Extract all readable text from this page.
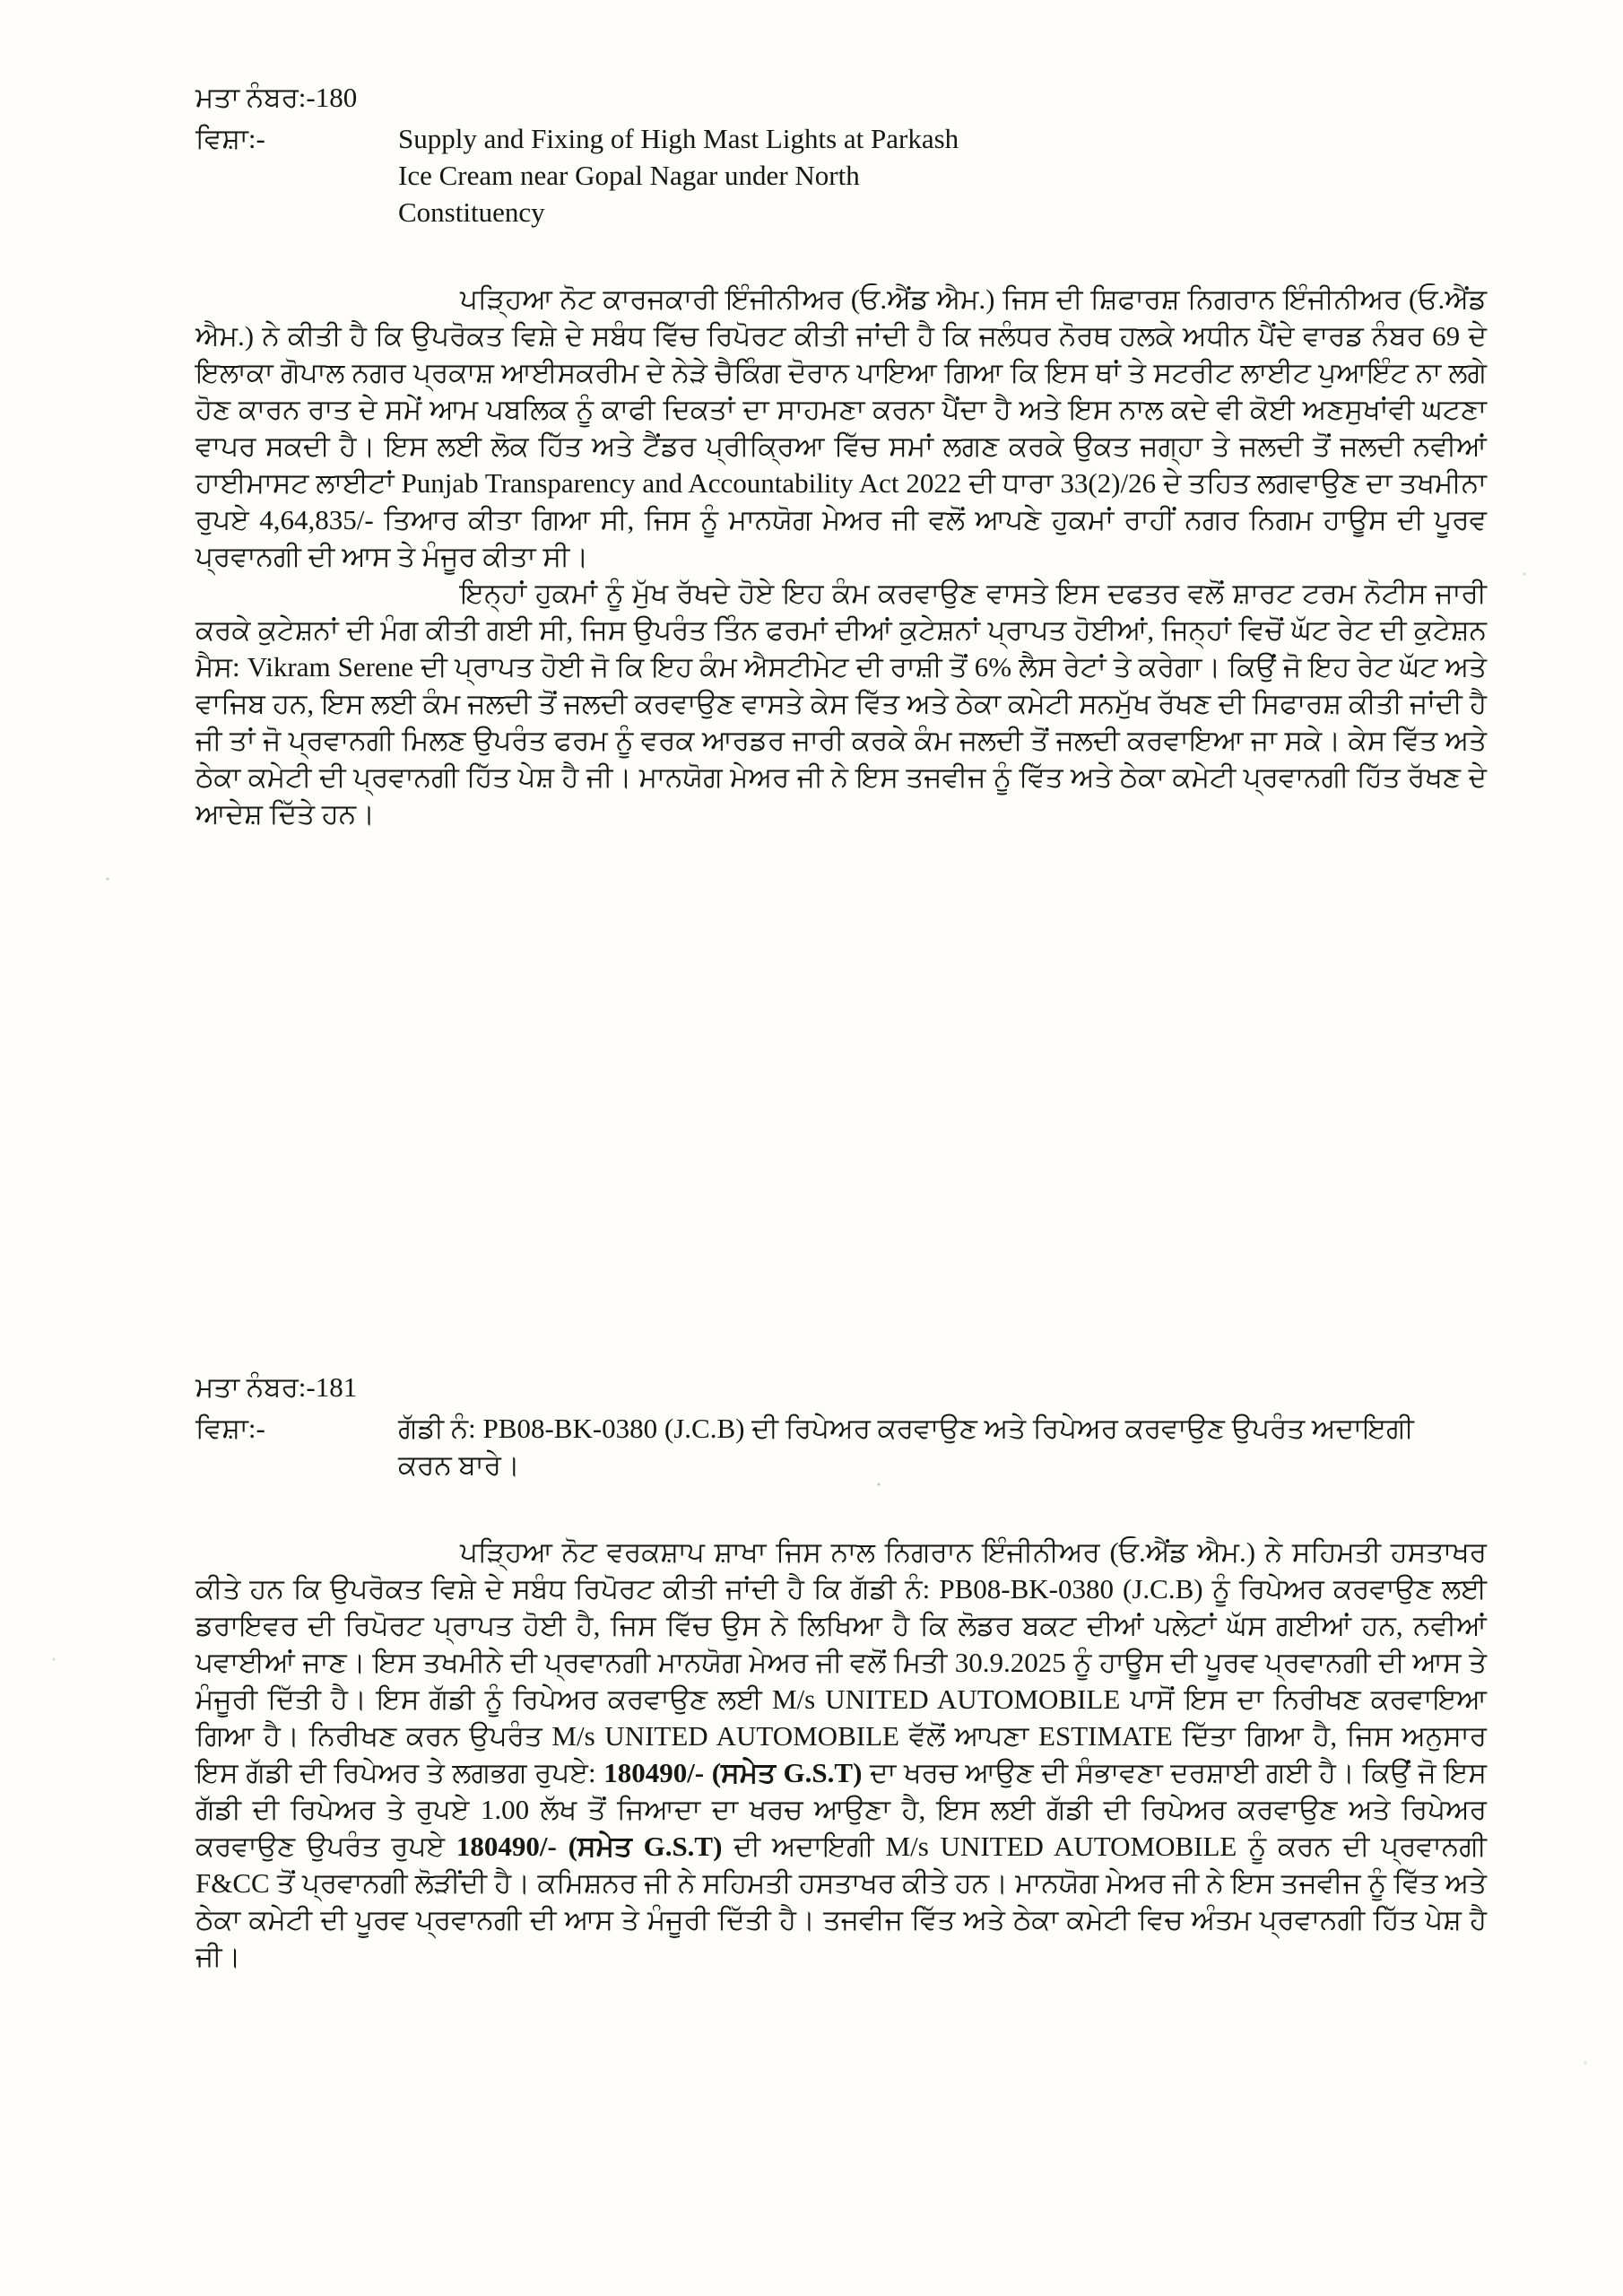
ਮਤਾ ਨੰਬਰ:-180
ਵਿਸ਼ਾ:-	Supply and Fixing of High Mast Lights at Parkash Ice Cream near Gopal Nagar under North Constituency

ਪੜ੍ਹਿਆ ਨੋਟ ਕਾਰਜਕਾਰੀ ਇੰਜੀਨੀਅਰ (ਓ.ਐਂਡ ਐਮ.) ਜਿਸ ਦੀ ਸ਼ਿਫਾਰਸ਼ ਨਿਗਰਾਨ ਇੰਜੀਨੀਅਰ (ਓ.ਐਂਡ ਐਮ.) ਨੇ ਕੀਤੀ ਹੈ ਕਿ ਉਪਰੋਕਤ ਵਿਸ਼ੇ ਦੇ ਸਬੰਧ ਵਿੱਚ ਰਿਪੋਰਟ ਕੀਤੀ ਜਾਂਦੀ ਹੈ ਕਿ ਜਲੰਧਰ ਨੋਰਥ ਹਲਕੇ ਅਧੀਨ ਪੈਂਦੇ ਵਾਰਡ ਨੰਬਰ 69 ਦੇ ਇਲਾਕਾ ਗੋਪਾਲ ਨਗਰ ਪ੍ਰਕਾਸ਼ ਆਈਸਕਰੀਮ ਦੇ ਨੇੜੇ ਚੈਕਿੰਗ ਦੋਰਾਨ ਪਾਇਆ ਗਿਆ ਕਿ ਇਸ ਥਾਂ ਤੇ ਸਟਰੀਟ ਲਾਈਟ ਪੁਆਇੰਟ ਨਾ ਲਗੇ ਹੋਣ ਕਾਰਨ ਰਾਤ ਦੇ ਸਮੇਂ ਆਮ ਪਬਲਿਕ ਨੂੰ ਕਾਫੀ ਦਿਕਤਾਂ ਦਾ ਸਾਹਮਣਾ ਕਰਨਾ ਪੈਂਦਾ ਹੈ ਅਤੇ ਇਸ ਨਾਲ ਕਦੇ ਵੀ ਕੋਈ ਅਣਸੁਖਾਂਵੀ ਘਟਣਾ ਵਾਪਰ ਸਕਦੀ ਹੈ। ਇਸ ਲਈ ਲੋਕ ਹਿੱਤ ਅਤੇ ਟੈਂਡਰ ਪ੍ਰੀਕ੍ਰਿਆ ਵਿੱਚ ਸਮਾਂ ਲਗਣ ਕਰਕੇ ਉਕਤ ਜਗ੍ਹਾ ਤੇ ਜਲਦੀ ਤੋਂ ਜਲਦੀ ਨਵੀਆਂ ਹਾਈਮਾਸਟ ਲਾਈਟਾਂ Punjab Transparency and Accountability Act 2022 ਦੀ ਧਾਰਾ 33(2)/26 ਦੇ ਤਹਿਤ ਲਗਵਾਉਣ ਦਾ ਤਖਮੀਨਾ ਰੁਪਏ 4,64,835/- ਤਿਆਰ ਕੀਤਾ ਗਿਆ ਸੀ, ਜਿਸ ਨੂੰ ਮਾਨਯੋਗ ਮੇਅਰ ਜੀ ਵਲੋਂ ਆਪਣੇ ਹੁਕਮਾਂ ਰਾਹੀਂ ਨਗਰ ਨਿਗਮ ਹਾਊਸ ਦੀ ਪੂਰਵ ਪ੍ਰਵਾਨਗੀ ਦੀ ਆਸ ਤੇ ਮੰਜੂਰ ਕੀਤਾ ਸੀ।

ਇਨ੍ਹਾਂ ਹੁਕਮਾਂ ਨੂੰ ਮੁੱਖ ਰੱਖਦੇ ਹੋਏ ਇਹ ਕੰਮ ਕਰਵਾਉਣ ਵਾਸਤੇ ਇਸ ਦਫਤਰ ਵਲੋਂ ਸ਼ਾਰਟ ਟਰਮ ਨੋਟੀਸ ਜਾਰੀ ਕਰਕੇ ਕੁਟੇਸ਼ਨਾਂ ਦੀ ਮੰਗ ਕੀਤੀ ਗਈ ਸੀ, ਜਿਸ ਉਪਰੰਤ ਤਿੰਨ ਫਰਮਾਂ ਦੀਆਂ ਕੁਟੇਸ਼ਨਾਂ ਪ੍ਰਾਪਤ ਹੋਈਆਂ, ਜਿਨ੍ਹਾਂ ਵਿਚੋਂ ਘੱਟ ਰੇਟ ਦੀ ਕੁਟੇਸ਼ਨ ਮੈਸ: Vikram Serene ਦੀ ਪ੍ਰਾਪਤ ਹੋਈ ਜੋ ਕਿ ਇਹ ਕੰਮ ਐਸਟੀਮੇਟ ਦੀ ਰਾਸ਼ੀ ਤੋਂ 6% ਲੈਸ ਰੇਟਾਂ ਤੇ ਕਰੇਗਾ। ਕਿਉਂ ਜੋ ਇਹ ਰੇਟ ਘੱਟ ਅਤੇ ਵਾਜਿਬ ਹਨ, ਇਸ ਲਈ ਕੰਮ ਜਲਦੀ ਤੋਂ ਜਲਦੀ ਕਰਵਾਉਣ ਵਾਸਤੇ ਕੇਸ ਵਿੱਤ ਅਤੇ ਠੇਕਾ ਕਮੇਟੀ ਸਨਮੁੱਖ ਰੱਖਣ ਦੀ ਸਿਫਾਰਸ਼ ਕੀਤੀ ਜਾਂਦੀ ਹੈ ਜੀ ਤਾਂ ਜੋ ਪ੍ਰਵਾਨਗੀ ਮਿਲਣ ਉਪਰੰਤ ਫਰਮ ਨੂੰ ਵਰਕ ਆਰਡਰ ਜਾਰੀ ਕਰਕੇ ਕੰਮ ਜਲਦੀ ਤੋਂ ਜਲਦੀ ਕਰਵਾਇਆ ਜਾ ਸਕੇ। ਕੇਸ ਵਿੱਤ ਅਤੇ ਠੇਕਾ ਕਮੇਟੀ ਦੀ ਪ੍ਰਵਾਨਗੀ ਹਿੱਤ ਪੇਸ਼ ਹੈ ਜੀ। ਮਾਨਯੋਗ ਮੇਅਰ ਜੀ ਨੇ ਇਸ ਤਜਵੀਜ ਨੂੰ ਵਿੱਤ ਅਤੇ ਠੇਕਾ ਕਮੇਟੀ ਪ੍ਰਵਾਨਗੀ ਹਿੱਤ ਰੱਖਣ ਦੇ ਆਦੇਸ਼ ਦਿੱਤੇ ਹਨ।

ਮਤਾ ਨੰਬਰ:-181
ਵਿਸ਼ਾ:-	ਗੱਡੀ ਨੰ: PB08-BK-0380 (J.C.B) ਦੀ ਰਿਪੇਅਰ ਕਰਵਾਉਣ ਅਤੇ ਰਿਪੇਅਰ ਕਰਵਾਉਣ ਉਪਰੰਤ ਅਦਾਇਗੀ ਕਰਨ ਬਾਰੇ।

ਪੜ੍ਹਿਆ ਨੋਟ ਵਰਕਸ਼ਾਪ ਸ਼ਾਖਾ ਜਿਸ ਨਾਲ ਨਿਗਰਾਨ ਇੰਜੀਨੀਅਰ (ਓ.ਐਂਡ ਐਮ.) ਨੇ ਸਹਿਮਤੀ ਹਸਤਾਖਰ ਕੀਤੇ ਹਨ ਕਿ ਉਪਰੋਕਤ ਵਿਸ਼ੇ ਦੇ ਸਬੰਧ ਰਿਪੋਰਟ ਕੀਤੀ ਜਾਂਦੀ ਹੈ ਕਿ ਗੱਡੀ ਨੰ: PB08-BK-0380 (J.C.B) ਨੂੰ ਰਿਪੇਅਰ ਕਰਵਾਉਣ ਲਈ ਡਰਾਇਵਰ ਦੀ ਰਿਪੋਰਟ ਪ੍ਰਾਪਤ ਹੋਈ ਹੈ, ਜਿਸ ਵਿੱਚ ਉਸ ਨੇ ਲਿਖਿਆ ਹੈ ਕਿ ਲੋਡਰ ਬਕਟ ਦੀਆਂ ਪਲੇਟਾਂ ਘੱਸ ਗਈਆਂ ਹਨ, ਨਵੀਆਂ ਪਵਾਈਆਂ ਜਾਣ। ਇਸ ਤਖਮੀਨੇ ਦੀ ਪ੍ਰਵਾਨਗੀ ਮਾਨਯੋਗ ਮੇਅਰ ਜੀ ਵਲੋਂ ਮਿਤੀ 30.9.2025 ਨੂੰ ਹਾਊਸ ਦੀ ਪੂਰਵ ਪ੍ਰਵਾਨਗੀ ਦੀ ਆਸ ਤੇ ਮੰਜੂਰੀ ਦਿੱਤੀ ਹੈ। ਇਸ ਗੱਡੀ ਨੂੰ ਰਿਪੇਅਰ ਕਰਵਾਉਣ ਲਈ M/s UNITED AUTOMOBILE ਪਾਸੋਂ ਇਸ ਦਾ ਨਿਰੀਖਣ ਕਰਵਾਇਆ ਗਿਆ ਹੈ। ਨਿਰੀਖਣ ਕਰਨ ਉਪਰੰਤ M/s UNITED AUTOMOBILE ਵੱਲੋਂ ਆਪਣਾ ESTIMATE ਦਿੱਤਾ ਗਿਆ ਹੈ, ਜਿਸ ਅਨੁਸਾਰ ਇਸ ਗੱਡੀ ਦੀ ਰਿਪੇਅਰ ਤੇ ਲਗਭਗ ਰੁਪਏ: 180490/- (ਸਮੇਤ G.S.T) ਦਾ ਖਰਚ ਆਉਣ ਦੀ ਸੰਭਾਵਣਾ ਦਰਸ਼ਾਈ ਗਈ ਹੈ। ਕਿਉਂ ਜੋ ਇਸ ਗੱਡੀ ਦੀ ਰਿਪੇਅਰ ਤੇ ਰੁਪਏ 1.00 ਲੱਖ ਤੋਂ ਜਿਆਦਾ ਦਾ ਖਰਚ ਆਉਣਾ ਹੈ, ਇਸ ਲਈ ਗੱਡੀ ਦੀ ਰਿਪੇਅਰ ਕਰਵਾਉਣ ਅਤੇ ਰਿਪੇਅਰ ਕਰਵਾਉਣ ਉਪਰੰਤ ਰੁਪਏ 180490/- (ਸਮੇਤ G.S.T) ਦੀ ਅਦਾਇਗੀ M/s UNITED AUTOMOBILE ਨੂੰ ਕਰਨ ਦੀ ਪ੍ਰਵਾਨਗੀ F&CC ਤੋਂ ਪ੍ਰਵਾਨਗੀ ਲੋੜੀਂਦੀ ਹੈ। ਕਮਿਸ਼ਨਰ ਜੀ ਨੇ ਸਹਿਮਤੀ ਹਸਤਾਖਰ ਕੀਤੇ ਹਨ। ਮਾਨਯੋਗ ਮੇਅਰ ਜੀ ਨੇ ਇਸ ਤਜਵੀਜ ਨੂੰ ਵਿੱਤ ਅਤੇ ਠੇਕਾ ਕਮੇਟੀ ਦੀ ਪੂਰਵ ਪ੍ਰਵਾਨਗੀ ਦੀ ਆਸ ਤੇ ਮੰਜੂਰੀ ਦਿੱਤੀ ਹੈ। ਤਜਵੀਜ ਵਿੱਤ ਅਤੇ ਠੇਕਾ ਕਮੇਟੀ ਵਿਚ ਅੰਤਮ ਪ੍ਰਵਾਨਗੀ ਹਿੱਤ ਪੇਸ਼ ਹੈ ਜੀ।
